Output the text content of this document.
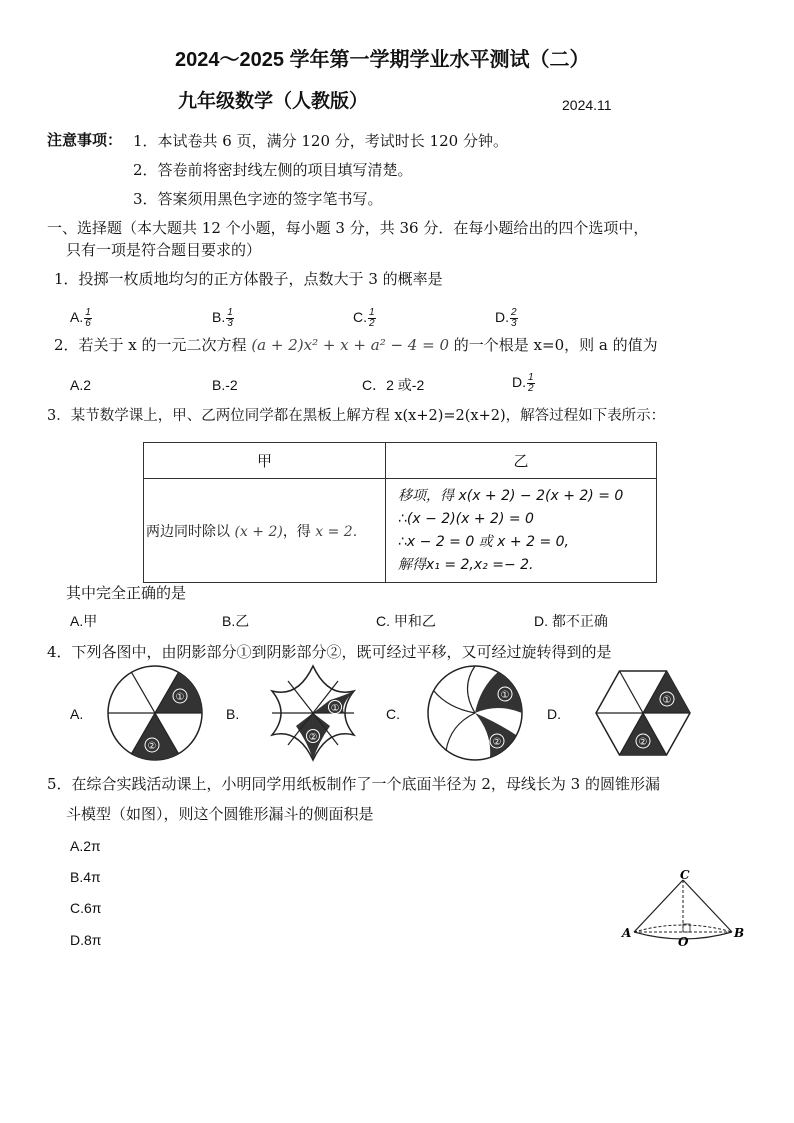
2024～2025 学年第一学期学业水平测试（二）
九年级数学（人教版）	2024.11
注意事项： 1．本试卷共 6 页，满分 120 分，考试时长 120 分钟。
2．答卷前将密封线左侧的项目填写清楚。
3．答案须用黑色字迹的签字笔书写。
一、选择题（本大题共 12 个小题，每小题 3 分，共 36 分．在每小题给出的四个选项中，
只有一项是符合题目要求的）
1．投掷一枚质地均匀的正方体骰子，点数大于 3 的概率是
A. $\frac{1}{6}$	B. $\frac{1}{3}$	C. $\frac{1}{2}$	D. $\frac{2}{3}$
2．若关于 x 的一元二次方程 (a + 2)x² + x + a² − 4 = 0 的一个根是 x=0，则 a 的值为
A.2	B.-2	C．2 或-2	D. $\frac{1}{2}$
3．某节数学课上，甲、乙两位同学都在黑板上解方程 x(x+2)=2(x+2)，解答过程如下表所示：
甲	乙
两边同时除以 (x + 2)，得 x = 2.	移项，得 x(x + 2) − 2(x + 2) = 0
∴(x − 2)(x + 2) = 0
∴x − 2 = 0 或 x + 2 = 0,
解得x₁ = 2,x₂ =− 2.
其中完全正确的是
A.甲	B.乙	C. 甲和乙	D. 都不正确
4．下列各图中，由阴影部分①到阴影部分②，既可经过平移，又可经过旋转得到的是
A.	B.	C.	D.
①
②
①
②
①
②
①
②
5．在综合实践活动课上，小明同学用纸板制作了一个底面半径为 2，母线长为 3 的圆锥形漏
斗模型（如图），则这个圆锥形漏斗的侧面积是
A.2π
B.4π
C.6π
D.8π
C
A
O
B
